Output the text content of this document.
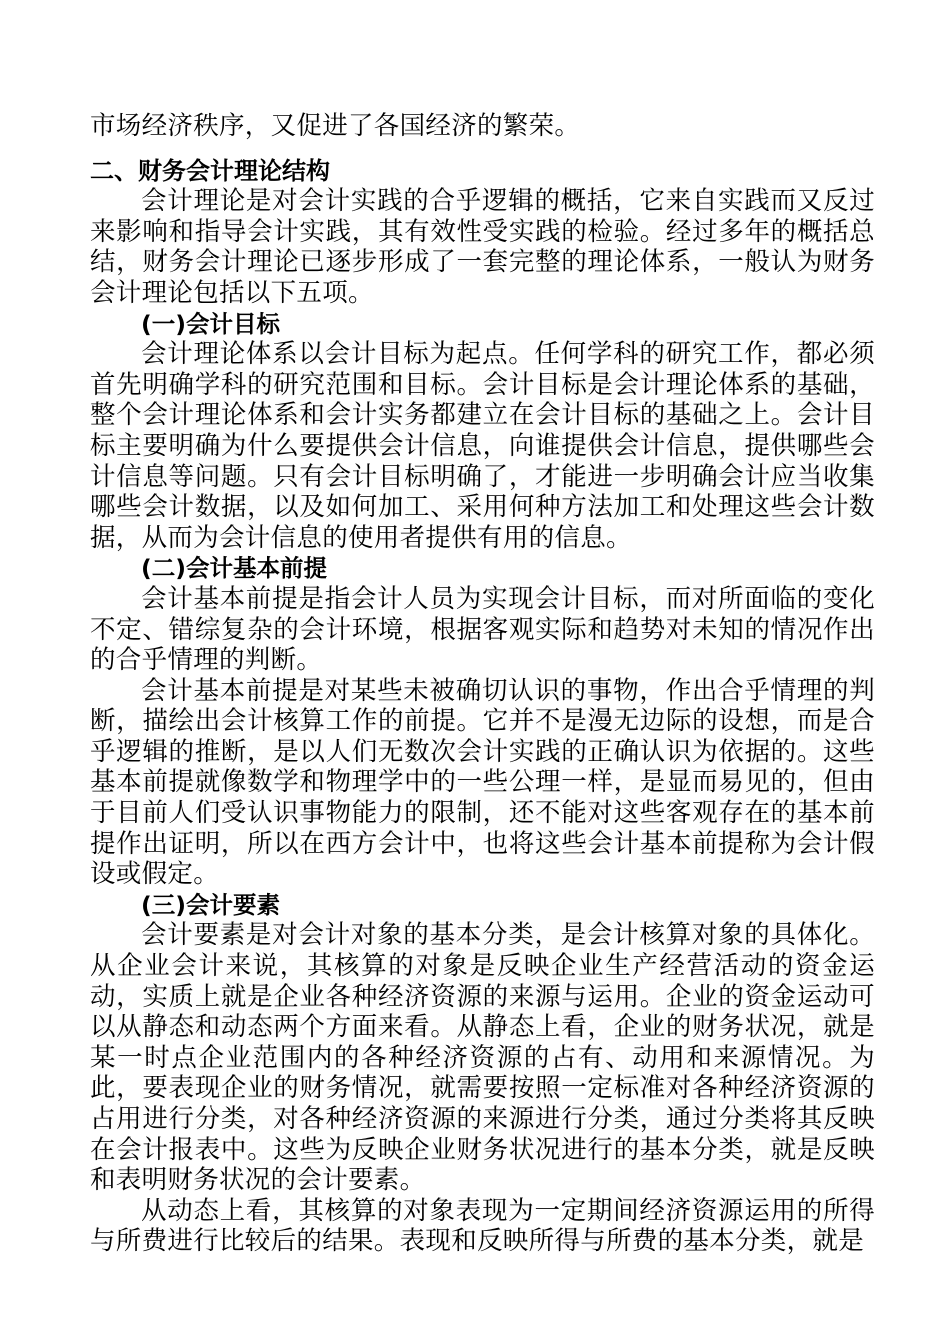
市场经济秩序，又促进了各国经济的繁荣。

二、财务会计理论结构

会计理论是对会计实践的合乎逻辑的概括，它来自实践而又反过来影响和指导会计实践，其有效性受实践的检验。经过多年的概括总结，财务会计理论已逐步形成了一套完整的理论体系，一般认为财务会计理论包括以下五项。

(一)会计目标

会计理论体系以会计目标为起点。任何学科的研究工作，都必须首先明确学科的研究范围和目标。会计目标是会计理论体系的基础，整个会计理论体系和会计实务都建立在会计目标的基础之上。会计目标主要明确为什么要提供会计信息，向谁提供会计信息，提供哪些会计信息等问题。只有会计目标明确了，才能进一步明确会计应当收集哪些会计数据，以及如何加工、采用何种方法加工和处理这些会计数据，从而为会计信息的使用者提供有用的信息。

(二)会计基本前提

会计基本前提是指会计人员为实现会计目标，而对所面临的变化不定、错综复杂的会计环境，根据客观实际和趋势对未知的情况作出的合乎情理的判断。

会计基本前提是对某些未被确切认识的事物，作出合乎情理的判断，描绘出会计核算工作的前提。它并不是漫无边际的设想，而是合乎逻辑的推断，是以人们无数次会计实践的正确认识为依据的。这些基本前提就像数学和物理学中的一些公理一样，是显而易见的，但由于目前人们受认识事物能力的限制，还不能对这些客观存在的基本前提作出证明，所以在西方会计中，也将这些会计基本前提称为会计假设或假定。

(三)会计要素

会计要素是对会计对象的基本分类，是会计核算对象的具体化。从企业会计来说，其核算的对象是反映企业生产经营活动的资金运动，实质上就是企业各种经济资源的来源与运用。企业的资金运动可以从静态和动态两个方面来看。从静态上看，企业的财务状况，就是某一时点企业范围内的各种经济资源的占有、动用和来源情况。为此，要表现企业的财务情况，就需要按照一定标准对各种经济资源的占用进行分类，对各种经济资源的来源进行分类，通过分类将其反映在会计报表中。这些为反映企业财务状况进行的基本分类，就是反映和表明财务状况的会计要素。

从动态上看，其核算的对象表现为一定期间经济资源运用的所得与所费进行比较后的结果。表现和反映所得与所费的基本分类，就是
